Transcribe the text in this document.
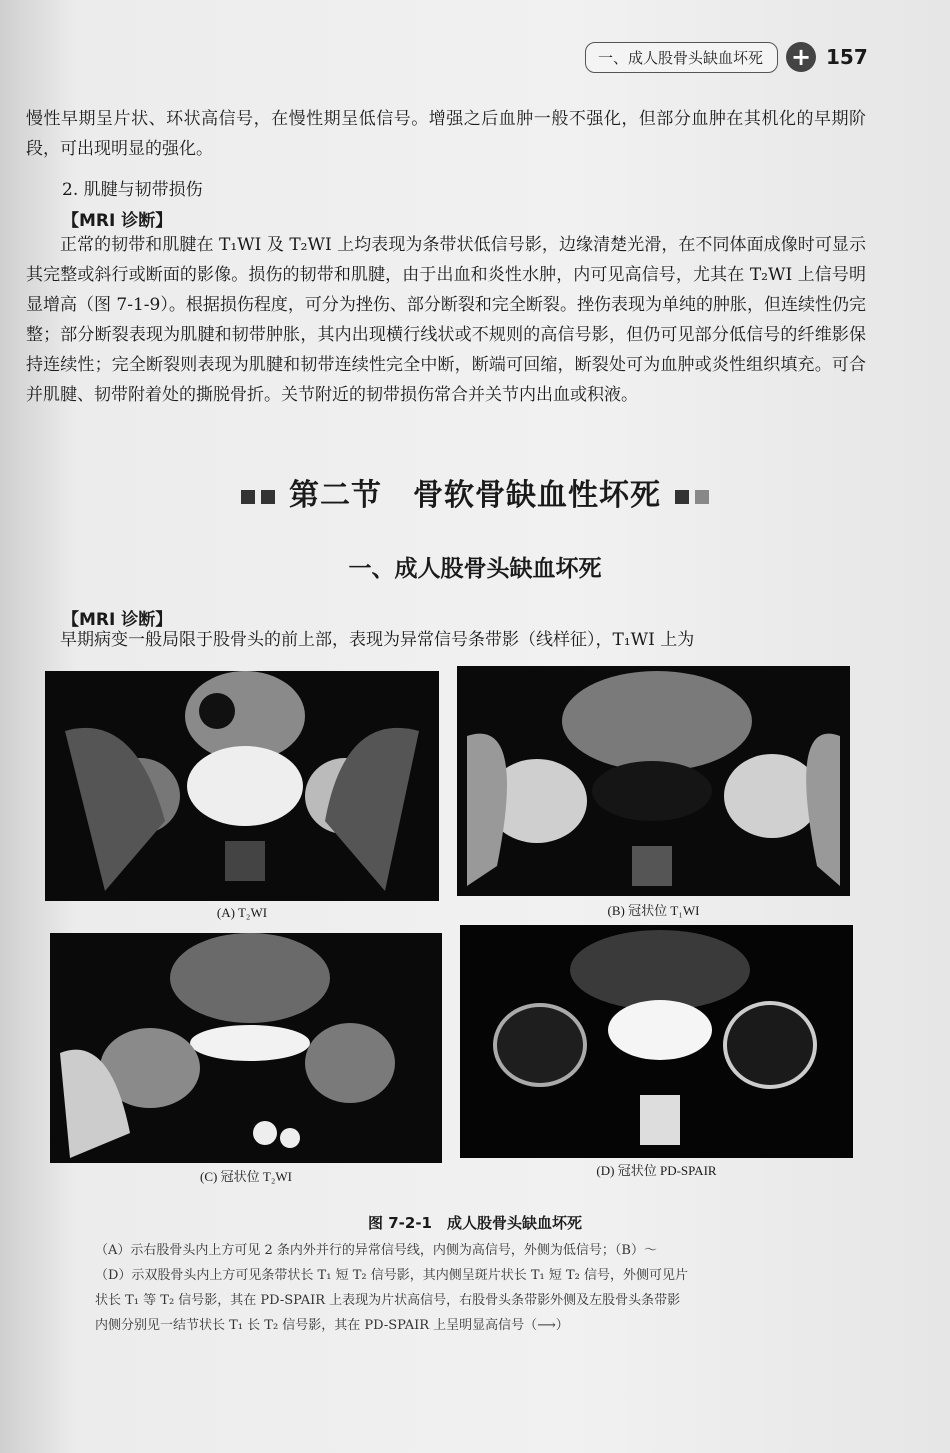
一、成人股骨头缺血坏死	+ 157

慢性早期呈片状、环状高信号，在慢性期呈低信号。增强之后血肿一般不强化，但部分血肿在其机化的早期阶段，可出现明显的强化。

2. 肌腱与韧带损伤
【MRI 诊断】

正常的韧带和肌腱在 T₁WI 及 T₂WI 上均表现为条带状低信号影，边缘清楚光滑，在不同体面成像时可显示其完整或斜行或断面的影像。损伤的韧带和肌腱，由于出血和炎性水肿，内可见高信号，尤其在 T₂WI 上信号明显增高（图 7-1-9）。根据损伤程度，可分为挫伤、部分断裂和完全断裂。挫伤表现为单纯的肿胀，但连续性仍完整；部分断裂表现为肌腱和韧带肿胀，其内出现横行线状或不规则的高信号影，但仍可见部分低信号的纤维影保持连续性；完全断裂则表现为肌腱和韧带连续性完全中断，断端可回缩，断裂处可为血肿或炎性组织填充。可合并肌腱、韧带附着处的撕脱骨折。关节附近的韧带损伤常合并关节内出血或积液。

第二节　骨软骨缺血性坏死
一、成人股骨头缺血坏死
【MRI 诊断】

早期病变一般局限于股骨头的前上部，表现为异常信号条带影（线样征），T₁WI 上为

(A) T₂WI	(B) 冠状位 T₁WI
(C) 冠状位 T₂WI	(D) 冠状位 PD-SPAIR
图 7-2-1　成人股骨头缺血坏死

（A）示右股骨头内上方可见 2 条内外并行的异常信号线，内侧为高信号，外侧为低信号；（B）～

（D）示双股骨头内上方可见条带状长 T₁ 短 T₂ 信号影，其内侧呈斑片状长 T₁ 短 T₂ 信号，外侧可见片

状长 T₁ 等 T₂ 信号影，其在 PD-SPAIR 上表现为片状高信号，右股骨头条带影外侧及左股骨头条带影

内侧分别见一结节状长 T₁ 长 T₂ 信号影，其在 PD-SPAIR 上呈明显高信号（⟶）
